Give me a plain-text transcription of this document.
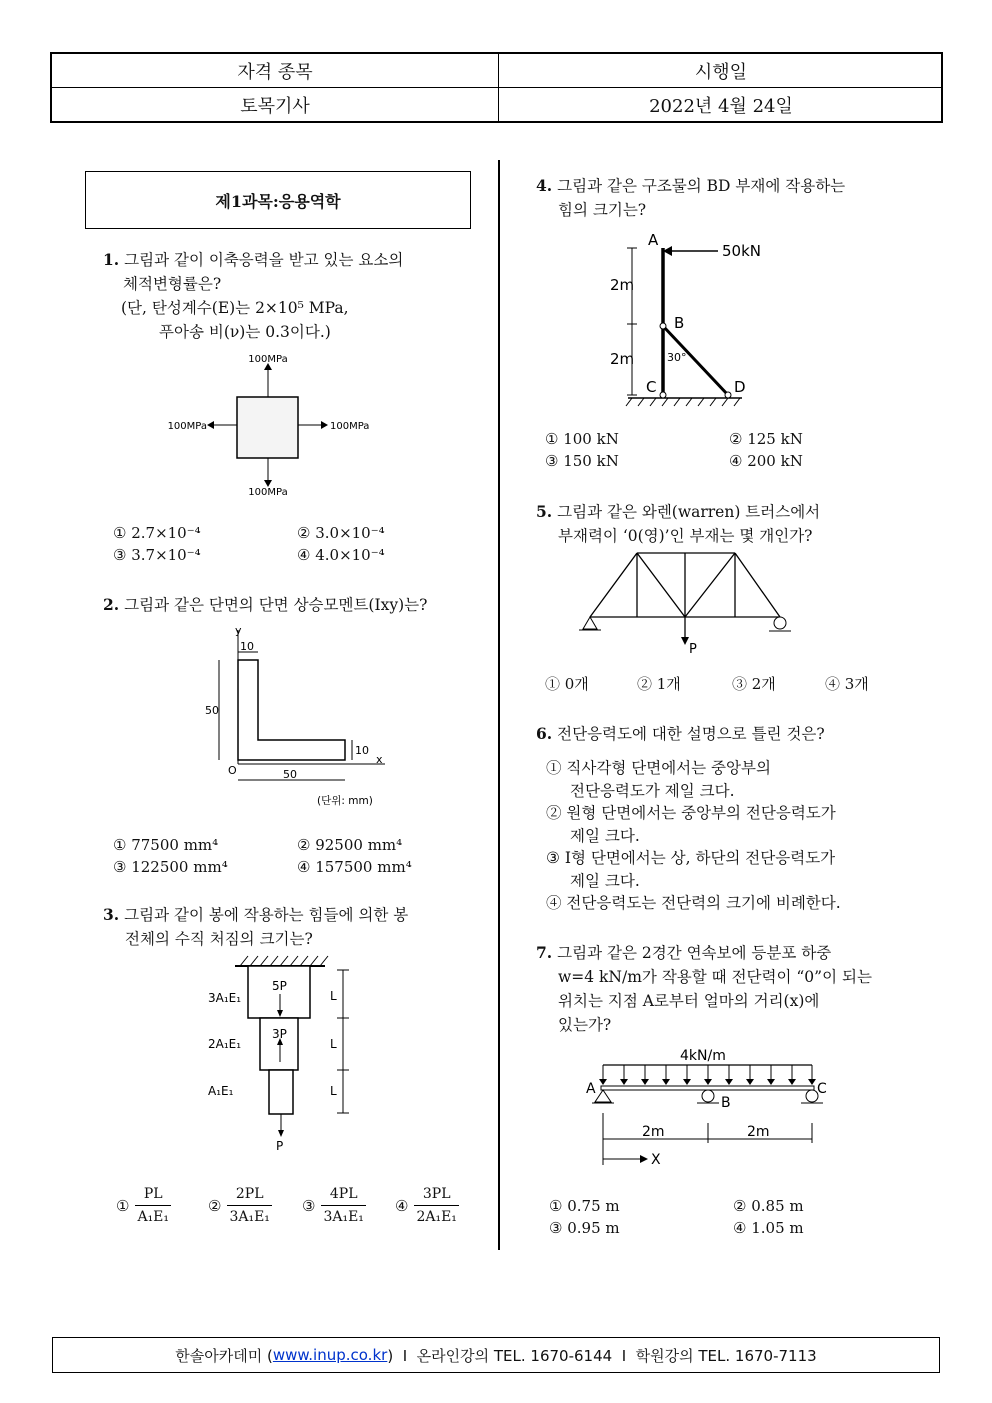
자격 종목	시행일
토목기사	2022년 4월 24일
제1과목:응용역학
1. 그림과 같이 이축응력을 받고 있는 요소의
체적변형률은?
(단, 탄성계수(E)는 2×10⁵ MPa,
푸아송 비(ν)는 0.3이다.)
100MPa
100MPa
100MPa	100MPa
① 2.7×10⁻⁴	② 3.0×10⁻⁴
③ 3.7×10⁻⁴	④ 4.0×10⁻⁴
2. 그림과 같은 단면의 단면 상승모멘트(Ixy)는?
y
10
50
10
x
O	50
(단위: mm)
① 77500 mm⁴	② 92500 mm⁴
③ 122500 mm⁴	④ 157500 mm⁴
3. 그림과 같이 봉에 작용하는 힘들에 의한 봉
전체의 수직 처짐의 크기는?
5P
3P
P
3A₁E₁
2A₁E₁
A₁E₁
L
L
L
① $\frac{PL}{\text{A₁E₁}}$ ② $\frac{2PL}{\text{3A₁E₁}}$ ③ $\frac{4PL}{\text{3A₁E₁}}$ ④ $\frac{3PL}{\text{2A₁E₁}}$
4. 그림과 같은 구조물의 BD 부재에 작용하는
힘의 크기는?
A
50kN
2m
B
2m	30°
C	D
① 100 kN	② 125 kN
③ 150 kN	④ 200 kN
5. 그림과 같은 와렌(warren) 트러스에서
부재력이 ‘0(영)’인 부재는 몇 개인가?
P
① 0개	② 1개	③ 2개	④ 3개
6. 전단응력도에 대한 설명으로 틀린 것은?
① 직사각형 단면에서는 중앙부의
전단응력도가 제일 크다.
② 원형 단면에서는 중앙부의 전단응력도가
제일 크다.
③ I형 단면에서는 상, 하단의 전단응력도가
제일 크다.
④ 전단응력도는 전단력의 크기에 비례한다.
7. 그림과 같은 2경간 연속보에 등분포 하중
w=4 kN/m가 작용할 때 전단력이 “0”이 되는
위치는 지점 A로부터 얼마의 거리(x)에
있는가?
4kN/m
A
B
C
2m	2m
X
① 0.75 m	② 0.85 m
③ 0.95 m	④ 1.05 m
한솔아카데미 ( www.inup.co.kr )  I  온라인강의 TEL. 1670-6144  I  학원강의 TEL. 1670-7113
